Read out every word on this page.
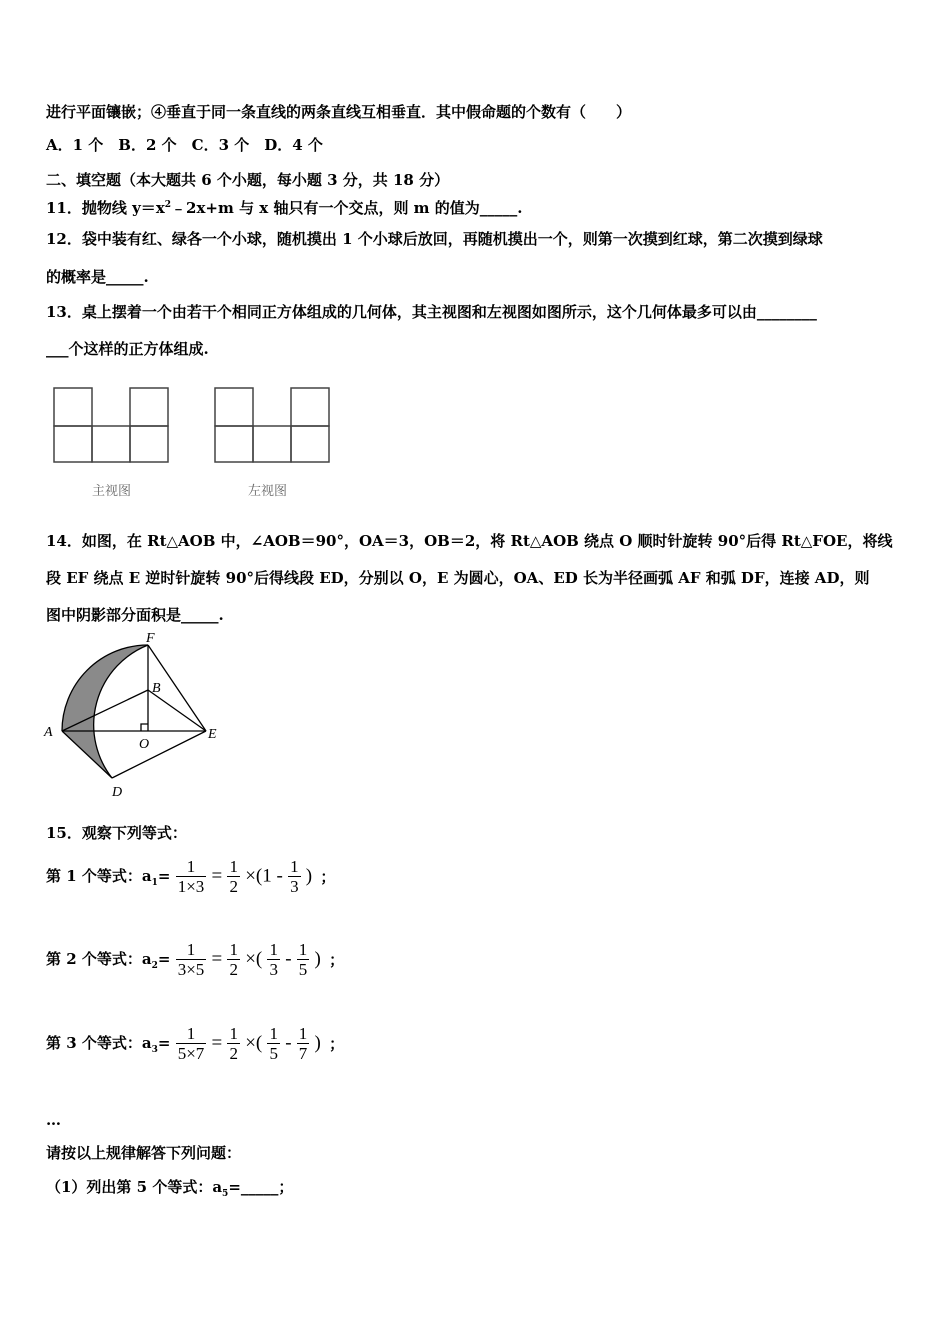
进行平面镶嵌；④垂直于同一条直线的两条直线互相垂直．其中假命题的个数有（　　）
A．1 个　B．2 个　C．3 个　D．4 个
二、填空题（本大题共 6 个小题，每小题 3 分，共 18 分）
11．抛物线 $y=x^2﹣2x+m$ 与 x 轴只有一个交点，则 m 的值为_____.
12．袋中装有红、绿各一个小球，随机摸出 1 个小球后放回，再随机摸出一个，则第一次摸到红球，第二次摸到绿球
的概率是_____.
13．桌上摆着一个由若干个相同正方体组成的几何体，其主视图和左视图如图所示，这个几何体最多可以由________
___个这样的正方体组成.
主视图	左视图
14．如图，在 Rt△AOB 中，∠AOB＝90°，OA＝3，OB＝2，将 Rt△AOB 绕点 O 顺时针旋转 90°后得 Rt△FOE，将线
段 EF 绕点 E 逆时针旋转 90°后得线段 ED，分别以 O，E 为圆心，OA、ED 长为半径画弧 AF 和弧 DF，连接 AD，则
图中阴影部分面积是_____.
F
B
A
O
E
D
15．观察下列等式：
第 1 个等式：$a_1= \frac{1}{1\times 3} = \frac{1}{2} \times(1 - \frac{1}{3}$ ) ；
第 2 个等式：$a_2= \frac{1}{3\times 5} = \frac{1}{2}$ ×( $\frac{1}{3} - \frac{1}{5}$ ) ；
第 3 个等式：$a_3= \frac{1}{5\times 7} = \frac{1}{2}$ ×( $\frac{1}{5} - \frac{1}{7}$ ) ；
…
请按以上规律解答下列问题：
（1）列出第 5 个等式：$a_5=\_\_\_\_\_$；
